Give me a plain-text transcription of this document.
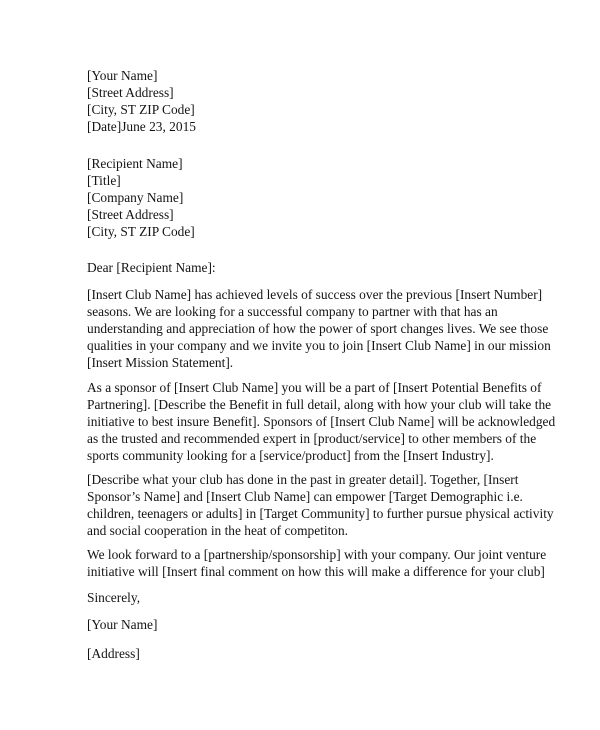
[Your Name]
[Street Address]
[City, ST ZIP Code]
[Date]June 23, 2015
[Recipient Name]
[Title]
[Company Name]
[Street Address]
[City, ST ZIP Code]
Dear [Recipient Name]:
[Insert Club Name] has achieved levels of success over the previous [Insert Number]
seasons. We are looking for a successful company to partner with that has an
understanding and appreciation of how the power of sport changes lives. We see those
qualities in your company and we invite you to join [Insert Club Name] in our mission
[Insert Mission Statement].
As a sponsor of [Insert Club Name] you will be a part of [Insert Potential Benefits of
Partnering]. [Describe the Benefit in full detail, along with how your club will take the
initiative to best insure Benefit]. Sponsors of [Insert Club Name] will be acknowledged
as the trusted and recommended expert in [product/service] to other members of the
sports community looking for a [service/product] from the [Insert Industry].
[Describe what your club has done in the past in greater detail]. Together, [Insert
Sponsor’s Name] and [Insert Club Name] can empower [Target Demographic i.e.
children, teenagers or adults] in [Target Community] to further pursue physical activity
and social cooperation in the heat of competiton.
We look forward to a [partnership/sponsorship] with your company. Our joint venture
initiative will [Insert final comment on how this will make a difference for your club]
Sincerely,
[Your Name]
[Address]
